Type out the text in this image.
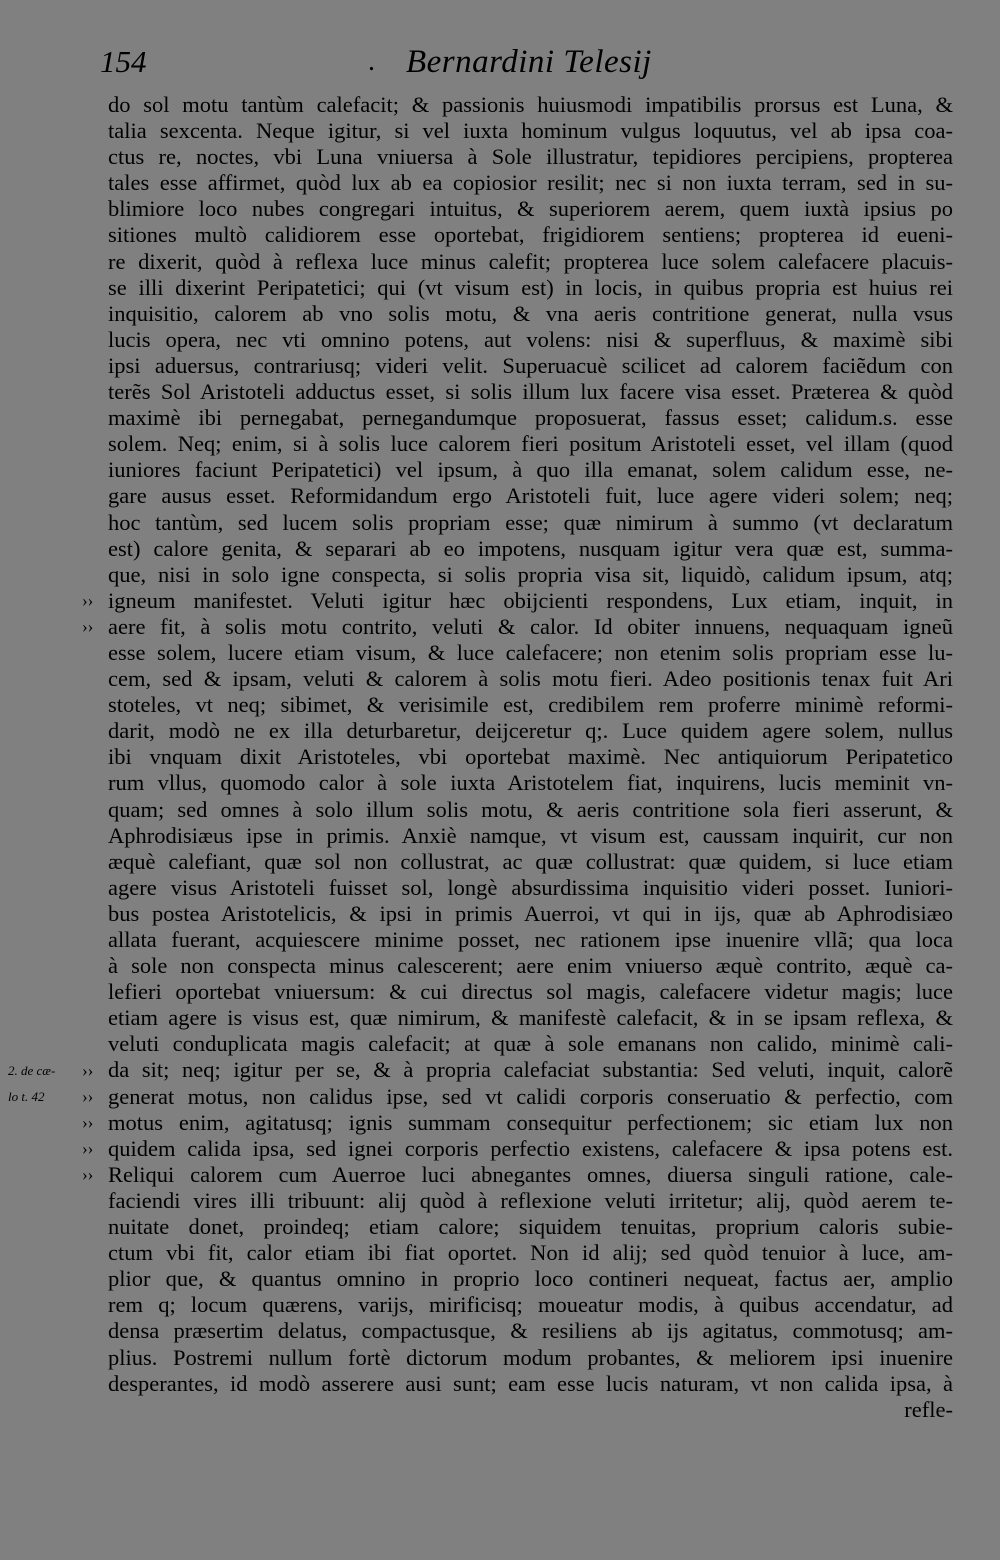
154	. Bernardini Telesij
››
››
››
››
››
››
››
2. de cæ-
lo t. 42
do sol motu tantùm calefacit; & passionis huiusmodi impatibilis prorsus est Luna, &
talia sexcenta. Neque igitur, si vel iuxta hominum vulgus loquutus, vel ab ipsa coa-
ctus re, noctes, vbi Luna vniuersa à Sole illustratur, tepidiores percipiens, propterea
tales esse affirmet, quòd lux ab ea copiosior resilit; nec si non iuxta terram, sed in su-
blimiore loco nubes congregari intuitus, & superiorem aerem, quem iuxtà ipsius po
sitiones multò calidiorem esse oportebat, frigidiorem sentiens; propterea id eueni-
re dixerit, quòd à reflexa luce minus calefit; propterea luce solem calefacere placuis-
se illi dixerint Peripatetici; qui (vt visum est) in locis, in quibus propria est huius rei
inquisitio, calorem ab vno solis motu, & vna aeris contritione generat, nulla vsus
lucis opera, nec vti omnino potens, aut volens: nisi & superfluus, & maximè sibi
ipsi aduersus, contrariusq; videri velit. Superuacuè scilicet ad calorem faciẽdum con
terẽs Sol Aristoteli adductus esset, si solis illum lux facere visa esset. Præterea & quòd
maximè ibi pernegabat, pernegandumque proposuerat, fassus esset; calidum.s. esse
solem. Neq; enim, si à solis luce calorem fieri positum Aristoteli esset, vel illam (quod
iuniores faciunt Peripatetici) vel ipsum, à quo illa emanat, solem calidum esse, ne-
gare ausus esset. Reformidandum ergo Aristoteli fuit, luce agere videri solem; neq;
hoc tantùm, sed lucem solis propriam esse; quæ nimirum à summo (vt declaratum
est) calore genita, & separari ab eo impotens, nusquam igitur vera quæ est, summa-
que, nisi in solo igne conspecta, si solis propria visa sit, liquidò, calidum ipsum, atq;
igneum manifestet. Veluti igitur hæc obijcienti respondens, Lux etiam, inquit, in
aere fit, à solis motu contrito, veluti & calor. Id obiter innuens, nequaquam igneũ
esse solem, lucere etiam visum, & luce calefacere; non etenim solis propriam esse lu-
cem, sed & ipsam, veluti & calorem à solis motu fieri. Adeo positionis tenax fuit Ari
stoteles, vt neq; sibimet, & verisimile est, credibilem rem proferre minimè reformi-
darit, modò ne ex illa deturbaretur, deijceretur q;. Luce quidem agere solem, nullus
ibi vnquam dixit Aristoteles, vbi oportebat maximè. Nec antiquiorum Peripatetico
rum vllus, quomodo calor à sole iuxta Aristotelem fiat, inquirens, lucis meminit vn-
quam; sed omnes à solo illum solis motu, & aeris contritione sola fieri asserunt, &
Aphrodisiæus ipse in primis. Anxiè namque, vt visum est, caussam inquirit, cur non
æquè calefiant, quæ sol non collustrat, ac quæ collustrat: quæ quidem, si luce etiam
agere visus Aristoteli fuisset sol, longè absurdissima inquisitio videri posset. Iuniori-
bus postea Aristotelicis, & ipsi in primis Auerroi, vt qui in ijs, quæ ab Aphrodisiæo
allata fuerant, acquiescere minime posset, nec rationem ipse inuenire vllã; qua loca
à sole non conspecta minus calescerent; aere enim vniuerso æquè contrito, æquè ca-
lefieri oportebat vniuersum: & cui directus sol magis, calefacere videtur magis; luce
etiam agere is visus est, quæ nimirum, & manifestè calefacit, & in se ipsam reflexa, &
veluti conduplicata magis calefacit; at quæ à sole emanans non calido, minimè cali-
da sit; neq; igitur per se, & à propria calefaciat substantia: Sed veluti, inquit, calorẽ
generat motus, non calidus ipse, sed vt calidi corporis conseruatio & perfectio, com
motus enim, agitatusq; ignis summam consequitur perfectionem; sic etiam lux non
quidem calida ipsa, sed ignei corporis perfectio existens, calefacere & ipsa potens est.
Reliqui calorem cum Auerroe luci abnegantes omnes, diuersa singuli ratione, cale-
faciendi vires illi tribuunt: alij quòd à reflexione veluti irritetur; alij, quòd aerem te-
nuitate donet, proindeq; etiam calore; siquidem tenuitas, proprium caloris subie-
ctum vbi fit, calor etiam ibi fiat oportet. Non id alij; sed quòd tenuior à luce, am-
plior que, & quantus omnino in proprio loco contineri nequeat, factus aer, amplio
rem q; locum quærens, varijs, mirificisq; moueatur modis, à quibus accendatur, ad
densa præsertim delatus, compactusque, & resiliens ab ijs agitatus, commotusq; am-
plius. Postremi nullum fortè dictorum modum probantes, & meliorem ipsi inuenire
desperantes, id modò asserere ausi sunt; eam esse lucis naturam, vt non calida ipsa, à
refle-
